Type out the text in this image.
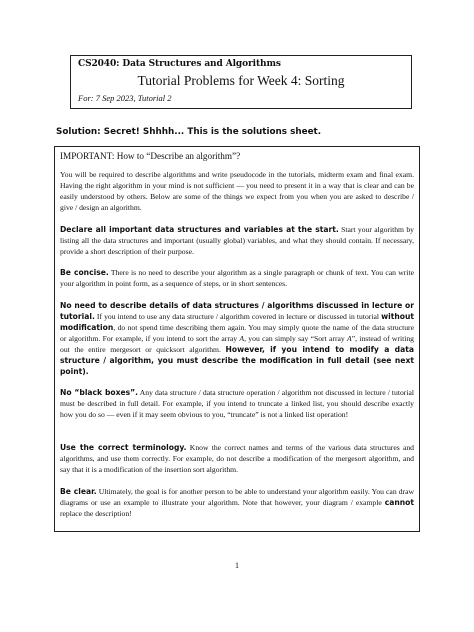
CS2040: Data Structures and Algorithms
Tutorial Problems for Week 4: Sorting
For: 7 Sep 2023, Tutorial 2
Solution: Secret! Shhhh... This is the solutions sheet.
IMPORTANT: How to “Describe an algorithm”?
You will be required to describe algorithms and write pseudocode in the tutorials, midterm exam and final exam. Having the right algorithm in your mind is not sufficient — you need to present it in a way that is clear and can be easily understood by others. Below are some of the things we expect from you when you are asked to describe / give / design an algorithm.
Declare all important data structures and variables at the start. Start your algorithm by listing all the data structures and important (usually global) variables, and what they should contain. If necessary, provide a short description of their purpose.
Be concise. There is no need to describe your algorithm as a single paragraph or chunk of text. You can write your algorithm in point form, as a sequence of steps, or in short sentences.
No need to describe details of data structures / algorithms discussed in lecture or tutorial. If you intend to use any data structure / algorithm covered in lecture or discussed in tutorial without modification, do not spend time describing them again. You may simply quote the name of the data structure or algorithm. For example, if you intend to sort the array A, you can simply say “Sort array A”, instead of writing out the entire mergesort or quicksort algorithm. However, if you intend to modify a data structure / algorithm, you must describe the modification in full detail (see next point).
No “black boxes”. Any data structure / data structure operation / algorithm not discussed in lecture / tutorial must be described in full detail. For example, if you intend to truncate a linked list, you should describe exactly how you do so — even if it may seem obvious to you, “truncate” is not a linked list operation!
Use the correct terminology. Know the correct names and terms of the various data structures and algorithms, and use them correctly. For example, do not describe a modification of the mergesort algorithm, and say that it is a modification of the insertion sort algorithm.
Be clear. Ultimately, the goal is for another person to be able to understand your algorithm easily. You can draw diagrams or use an example to illustrate your algorithm. Note that however, your diagram / example cannot replace the description!
1
